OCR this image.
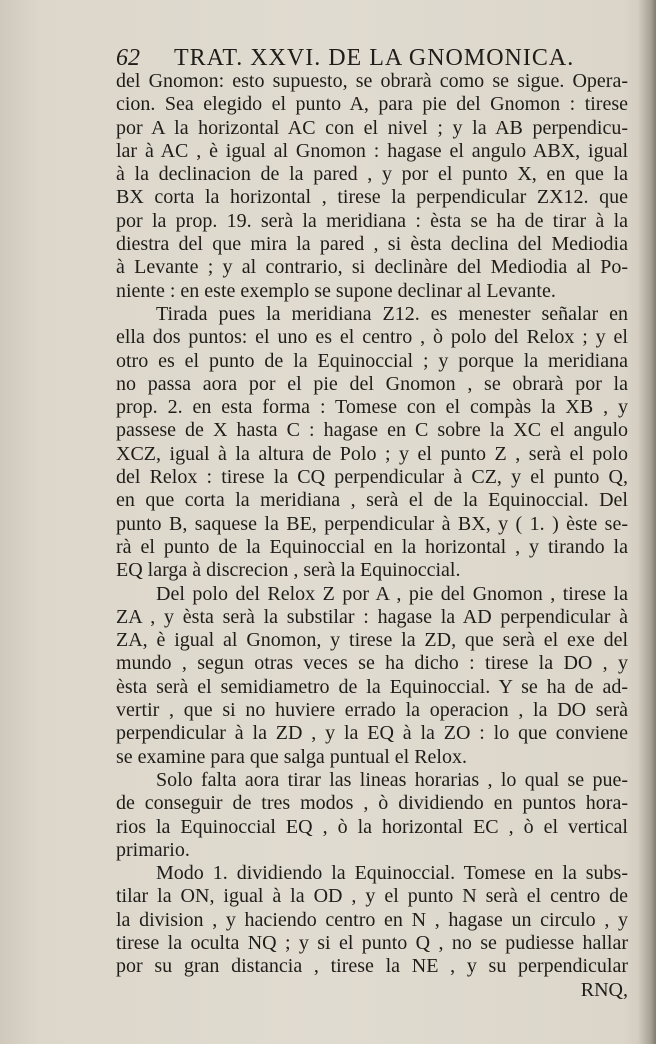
62 TRAT. XXVI. DE LA GNOMONICA.
del Gnomon: esto supuesto, se obrarà como se sigue. Opera-
cion. Sea elegido el punto A, para pie del Gnomon : tirese
por A la horizontal AC con el nivel ; y la AB perpendicu-
lar à AC , è igual al Gnomon : hagase el angulo ABX, igual
à la declinacion de la pared , y por el punto X, en que la
BX corta la horizontal , tirese la perpendicular ZX12. que
por la prop. 19. serà la meridiana : èsta se ha de tirar à la
diestra del que mira la pared , si èsta declina del Mediodia
à Levante ; y al contrario, si declinàre del Mediodia al Po-
niente : en este exemplo se supone declinar al Levante.
Tirada pues la meridiana Z12. es menester señalar en
ella dos puntos: el uno es el centro , ò polo del Relox ; y el
otro es el punto de la Equinoccial ; y porque la meridiana
no passa aora por el pie del Gnomon , se obrarà por la
prop. 2. en esta forma : Tomese con el compàs la XB , y
passese de X hasta C : hagase en C sobre la XC el angulo
XCZ, igual à la altura de Polo ; y el punto Z , serà el polo
del Relox : tirese la CQ perpendicular à CZ, y el punto Q,
en que corta la meridiana , serà el de la Equinoccial. Del
punto B, saquese la BE, perpendicular à BX, y ( 1. ) èste se-
rà el punto de la Equinoccial en la horizontal , y tirando la
EQ larga à discrecion , serà la Equinoccial.
Del polo del Relox Z por A , pie del Gnomon , tirese la
ZA , y èsta serà la substilar : hagase la AD perpendicular à
ZA, è igual al Gnomon, y tirese la ZD, que serà el exe del
mundo , segun otras veces se ha dicho : tirese la DO , y
èsta serà el semidiametro de la Equinoccial. Y se ha de ad-
vertir , que si no huviere errado la operacion , la DO serà
perpendicular à la ZD , y la EQ à la ZO : lo que conviene
se examine para que salga puntual el Relox.
Solo falta aora tirar las lineas horarias , lo qual se pue-
de conseguir de tres modos , ò dividiendo en puntos hora-
rios la Equinoccial EQ , ò la horizontal EC , ò el vertical
primario.
Modo 1. dividiendo la Equinoccial. Tomese en la subs-
tilar la ON, igual à la OD , y el punto N serà el centro de
la division , y haciendo centro en N , hagase un circulo , y
tirese la oculta NQ ; y si el punto Q , no se pudiesse hallar
por su gran distancia , tirese la NE , y su perpendicular
RNQ,
